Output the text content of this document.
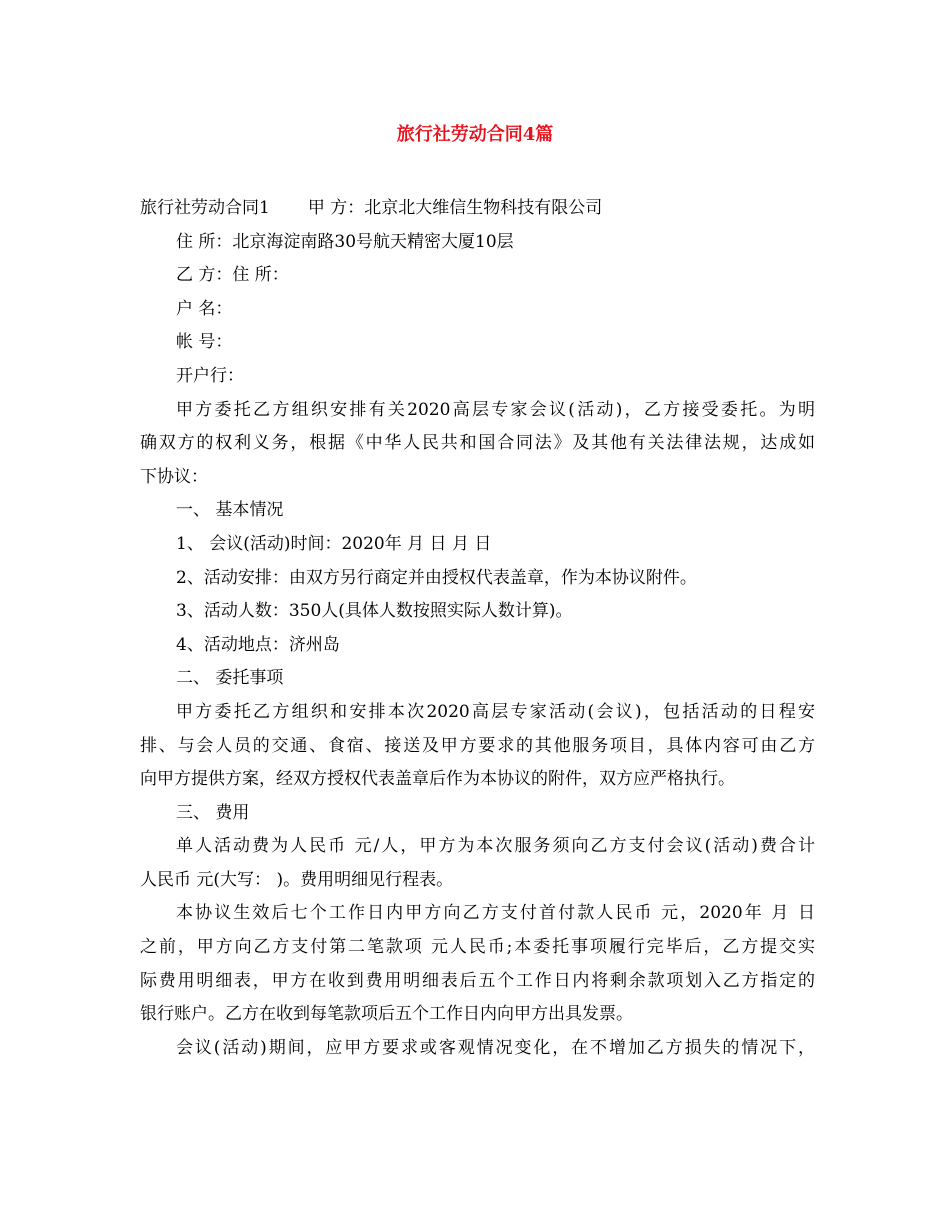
旅行社劳动合同4篇
旅行社劳动合同1 甲 方：北京北大维信生物科技有限公司
住 所：北京海淀南路30号航天精密大厦10层
乙 方：住 所：
户 名：
帐 号：
开户行：
甲方委托乙方组织安排有关2020高层专家会议(活动)，乙方接受委托。为明
确双方的权利义务，根据《中华人民共和国合同法》及其他有关法律法规，达成如
下协议：
一、 基本情况
1、 会议(活动)时间：2020年 月 日 月 日
2、活动安排：由双方另行商定并由授权代表盖章，作为本协议附件。
3、活动人数：350人(具体人数按照实际人数计算)。
4、活动地点：济州岛
二、 委托事项
甲方委托乙方组织和安排本次2020高层专家活动(会议)，包括活动的日程安
排、与会人员的交通、食宿、接送及甲方要求的其他服务项目，具体内容可由乙方
向甲方提供方案，经双方授权代表盖章后作为本协议的附件，双方应严格执行。
三、 费用
单人活动费为人民币 元/人，甲方为本次服务须向乙方支付会议(活动)费合计
人民币 元(大写： )。费用明细见行程表。
本协议生效后七个工作日内甲方向乙方支付首付款人民币 元，2020年 月 日
之前，甲方向乙方支付第二笔款项 元人民币;本委托事项履行完毕后，乙方提交实
际费用明细表，甲方在收到费用明细表后五个工作日内将剩余款项划入乙方指定的
银行账户。乙方在收到每笔款项后五个工作日内向甲方出具发票。
会议(活动)期间，应甲方要求或客观情况变化，在不增加乙方损失的情况下，
